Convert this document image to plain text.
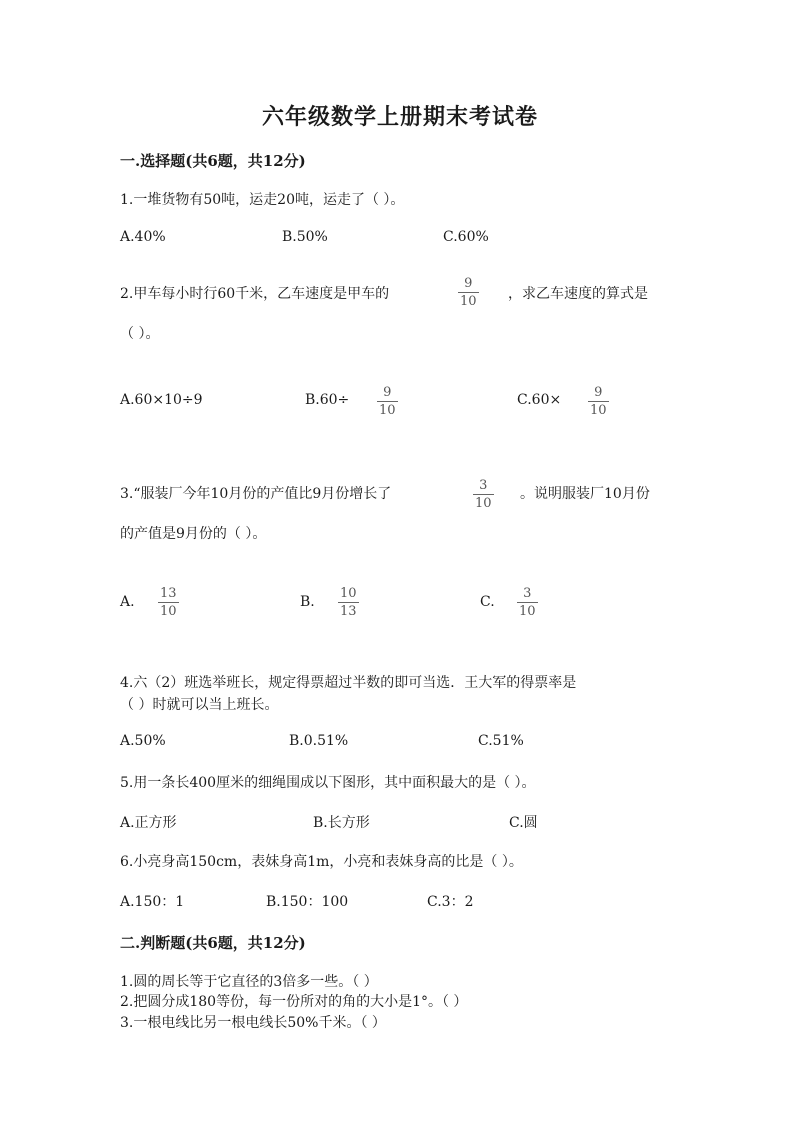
六年级数学上册期末考试卷
一.选择题(共6题，共12分)
1.一堆货物有50吨，运走20吨，运走了（ ）。
A.40%	B.50%	C.60%
2.甲车每小时行60千米，乙车速度是甲车的
9
10 ，求乙车速度的算式是
（ ）。
A.60×10÷9	B.60÷	9
10
C.60×	9
10
3.“服装厂今年10月份的产值比9月份增长了
3
10
。说明服装厂10月份
的产值是9月份的（ ）。
A.
13
10
B.
10
13
C.
3
10
4.六（2）班选举班长，规定得票超过半数的即可当选．王大军的得票率是
（ ）时就可以当上班长。
A.50%	B.0.51%	C.51%
5.用一条长400厘米的细绳围成以下图形，其中面积最大的是（ ）。
A.正方形	B.长方形	C.圆
6.小亮身高150cm，表妹身高1m，小亮和表妹身高的比是（ ）。
A.150：1	B.150：100	C.3：2
二.判断题(共6题，共12分)
1.圆的周长等于它直径的3倍多一些。（ ）
2.把圆分成180等份，每一份所对的角的大小是1°。（ ）
3.一根电线比另一根电线长50%千米。（ ）
